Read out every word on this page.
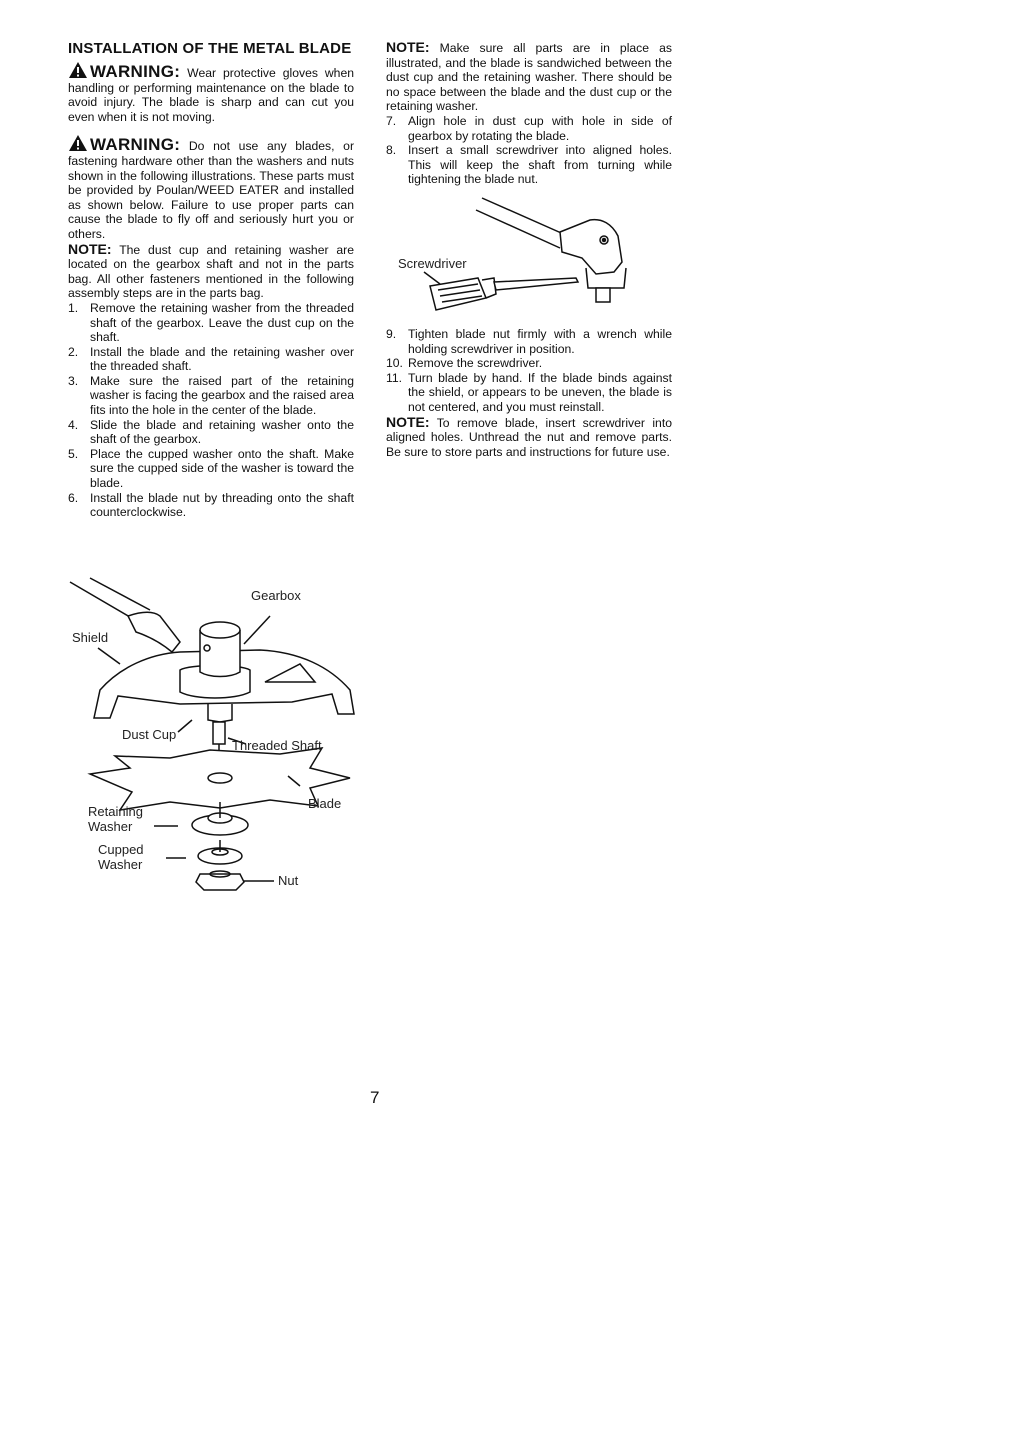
INSTALLATION OF THE METAL BLADE

WARNING: Wear protective gloves when handling or performing maintenance on the blade to avoid injury. The blade is sharp and can cut you even when it is not moving.

WARNING: Do not use any blades, or fastening hardware other than the washers and nuts shown in the following illustrations. These parts must be provided by Poulan/WEED EATER and installed as shown below. Failure to use proper parts can cause the blade to fly off and seriously hurt you or others.

NOTE: The dust cup and retaining washer are located on the gearbox shaft and not in the parts bag. All other fasteners mentioned in the following assembly steps are in the parts bag.

1. Remove the retaining washer from the threaded shaft of the gearbox. Leave the dust cup on the shaft.
2. Install the blade and the retaining washer over the threaded shaft.
3. Make sure the raised part of the retaining washer is facing the gearbox and the raised area fits into the hole in the center of the blade.
4. Slide the blade and retaining washer onto the shaft of the gearbox.
5. Place the cupped washer onto the shaft. Make sure the cupped side of the washer is toward the blade.
6. Install the blade nut by threading onto the shaft counterclockwise.
Gearbox
Shield
Dust Cup
Threaded Shaft
Blade
Retaining
Washer
Cupped
Washer
Nut

NOTE: Make sure all parts are in place as illustrated, and the blade is sandwiched between the dust cup and the retaining washer. There should be no space between the blade and the dust cup or the retaining washer.

7. Align hole in dust cup with hole in side of gearbox by rotating the blade.
8. Insert a small screwdriver into aligned holes. This will keep the shaft from turning while tightening the blade nut.
9. Tighten blade nut firmly with a wrench while holding screwdriver in position.
10. Remove the screwdriver.
11. Turn blade by hand. If the blade binds against the shield, or appears to be uneven, the blade is not centered, and you must reinstall.

NOTE: To remove blade, insert screwdriver into aligned holes. Unthread the nut and remove parts. Be sure to store parts and instructions for future use.

Screwdriver
7
